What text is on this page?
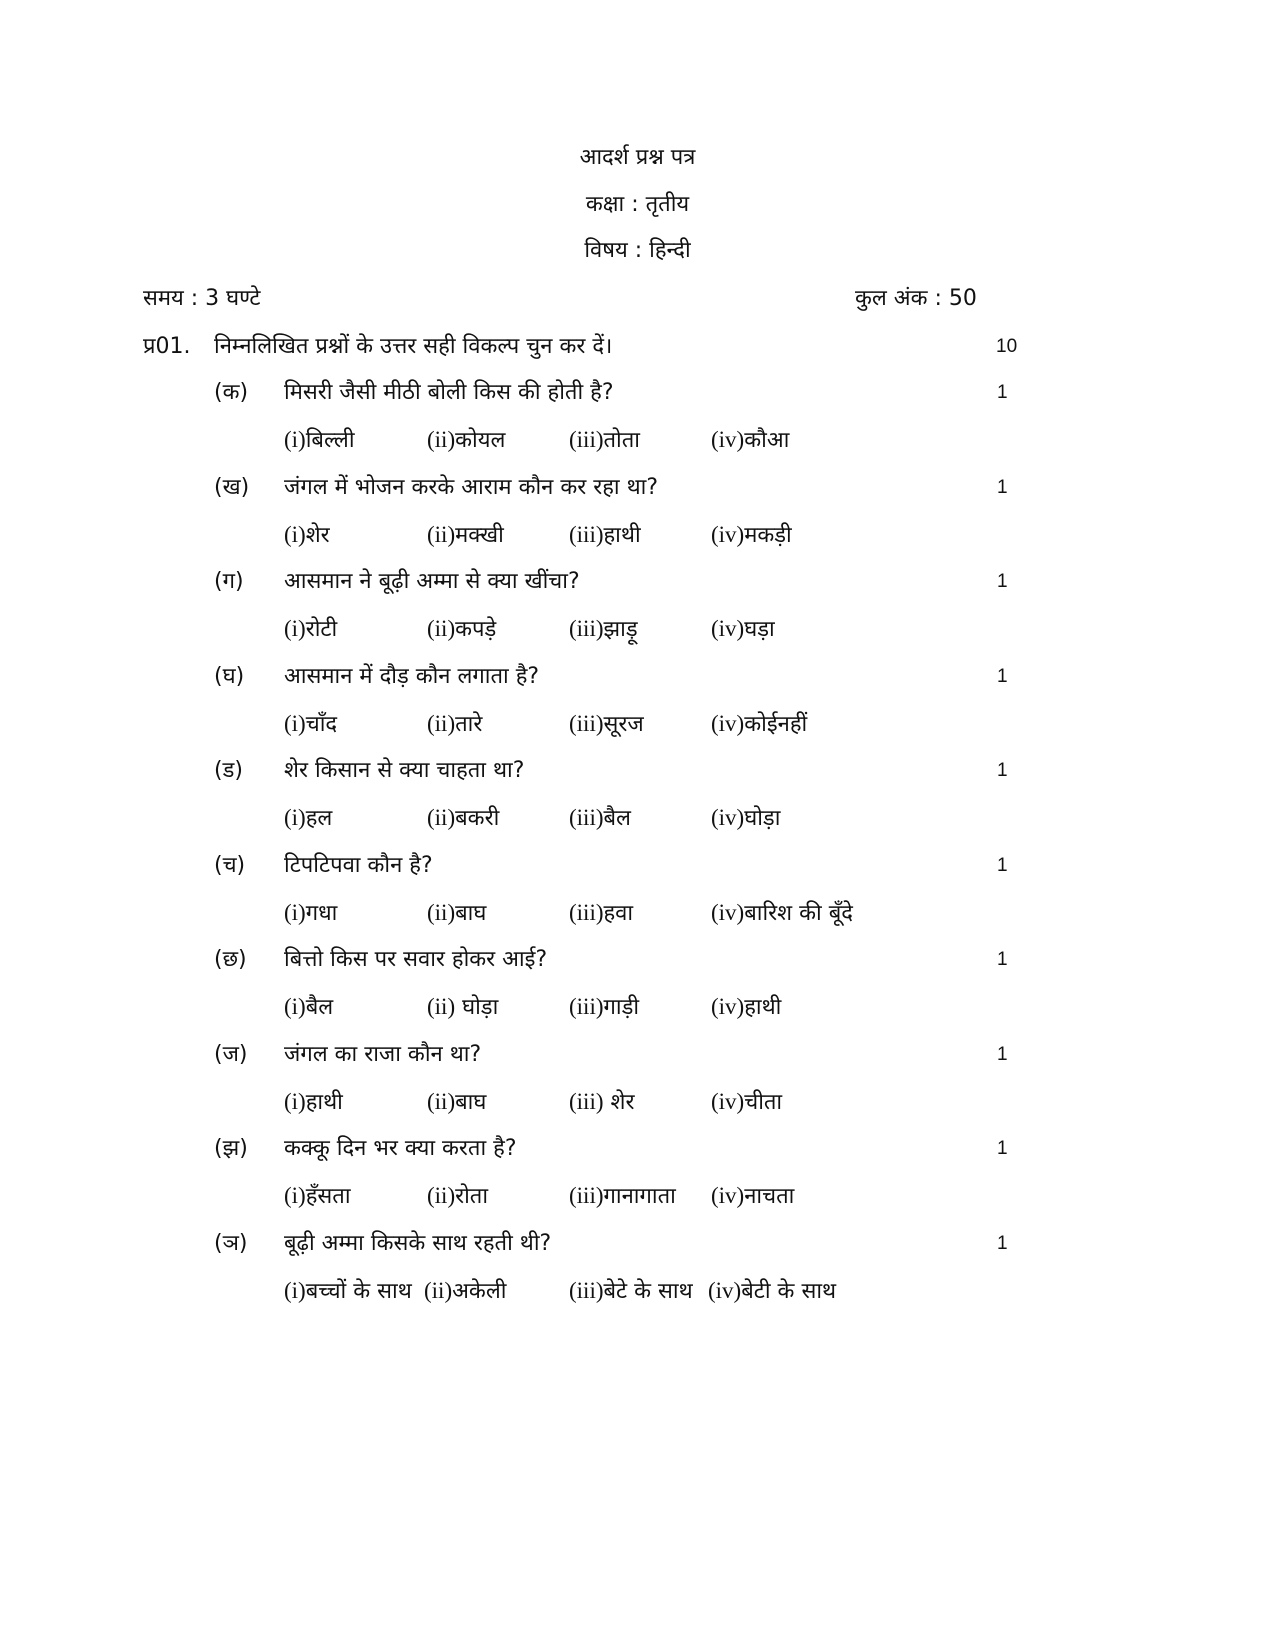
आदर्श प्रश्न पत्र
कक्षा : तृतीय
विषय : हिन्दी
समय : 3 घण्टे	कुल अंक : 50
प्र01. निम्नलिखित प्रश्नों के उत्तर सही विकल्प चुन कर दें।	10
(क) मिसरी जैसी मीठी बोली किस की होती है?	1
(i)बिल्ली	(ii)कोयल	(iii)तोता	(iv)कौआ
(ख) जंगल में भोजन करके आराम कौन कर रहा था?	1
(i)शेर	(ii)मक्खी	(iii)हाथी	(iv)मकड़ी
(ग) आसमान ने बूढ़ी अम्मा से क्या खींचा?	1
(i)रोटी	(ii)कपड़े	(iii)झाड़ू	(iv)घड़ा
(घ) आसमान में दौड़ कौन लगाता है?	1
(i)चाँद	(ii)तारे	(iii)सूरज	(iv)कोईनहीं
(ड) शेर किसान से क्या चाहता था?	1
(i)हल	(ii)बकरी	(iii)बैल	(iv)घोड़ा
(च) टिपटिपवा कौन है?	1
(i)गधा	(ii)बाघ	(iii)हवा	(iv)बारिश की बूँदे
(छ) बित्तो किस पर सवार होकर आई?	1
(i)बैल	(ii) घोड़ा	(iii)गाड़ी	(iv)हाथी
(ज) जंगल का राजा कौन था?	1
(i)हाथी	(ii)बाघ	(iii) शेर	(iv)चीता
(झ) कक्कू दिन भर क्या करता है?	1
(i)हँसता	(ii)रोता	(iii)गानागाता (iv)नाचता
(ञ) बूढ़ी अम्मा किसके साथ रहती थी?	1
(i)बच्चों के साथ (ii)अकेली	(iii)बेटे के साथ (iv)बेटी के साथ
